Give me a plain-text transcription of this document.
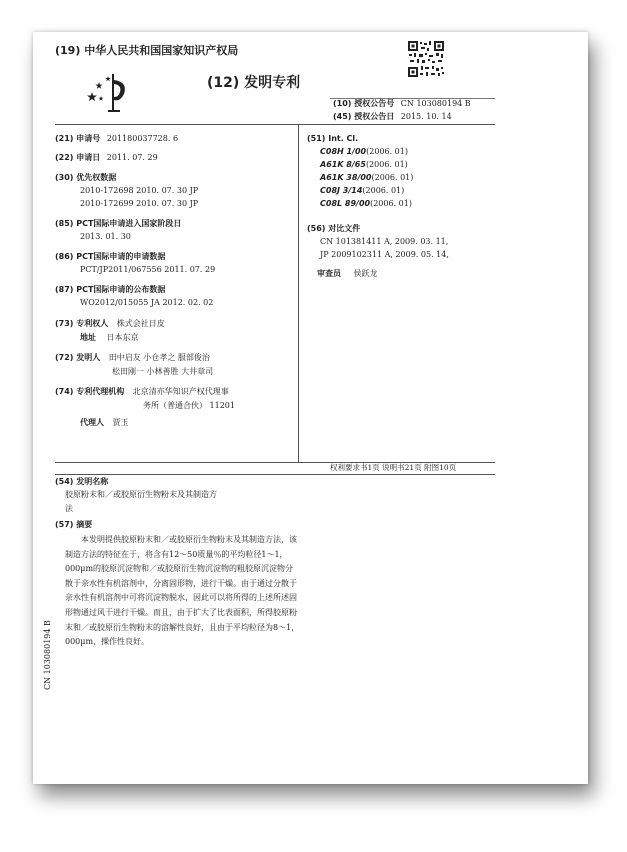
(19) 中华人民共和国国家知识产权局
(12) 发明专利
(10) 授权公告号 CN 103080194 B
(45) 授权公告日 2015. 10. 14
(21) 申请号 201180037728. 6
(22) 申请日 2011. 07. 29
(30) 优先权数据
2010-172698 2010. 07. 30 JP
2010-172699 2010. 07. 30 JP
(85) PCT国际申请进入国家阶段日
2013. 01. 30
(86) PCT国际申请的申请数据
PCT/JP2011/067556 2011. 07. 29
(87) PCT国际申请的公布数据
WO2012/015055 JA 2012. 02. 02
(73) 专利权人 株式会社日皮
地址 日本东京
(72) 发明人 田中启友 小仓孝之 服部俊治
松田刚一 小林善胜 大井章司
(74) 专利代理机构 北京清亦华知识产权代理事
务所（普通合伙） 11201
代理人 贾玉
(51) Int. Cl.
C08H 1/00(2006. 01)
A61K 8/65(2006. 01)
A61K 38/00(2006. 01)
C08J 3/14(2006. 01)
C08L 89/00(2006. 01)
(56) 对比文件
CN 101381411 A, 2009. 03. 11,
JP 2009102311 A, 2009. 05. 14,
审查员 侯跃龙
权利要求书1页 说明书21页 附图10页
(54) 发明名称
胶原粉末和／或胶原衍生物粉末及其制造方
法
(57) 摘要
本发明提供胶原粉末和／或胶原衍生物粉末及其制造方法，该制造方法的特征在于，将含有12～50质量％的平均粒径1～1，000μm的胶原沉淀物和／或胶原衍生物沉淀物的粗胶原沉淀物分散于亲水性有机溶剂中，分离固形物，进行干燥。由于通过分散于亲水性有机溶剂中可将沉淀物脱水，因此可以将所得的上述所述固形物通过风干进行干燥。而且，由于扩大了比表面积，所得胶原粉末和／或胶原衍生物粉末的溶解性良好，且由于平均粒径为8～1，000μm，操作性良好。
CN 103080194 B
